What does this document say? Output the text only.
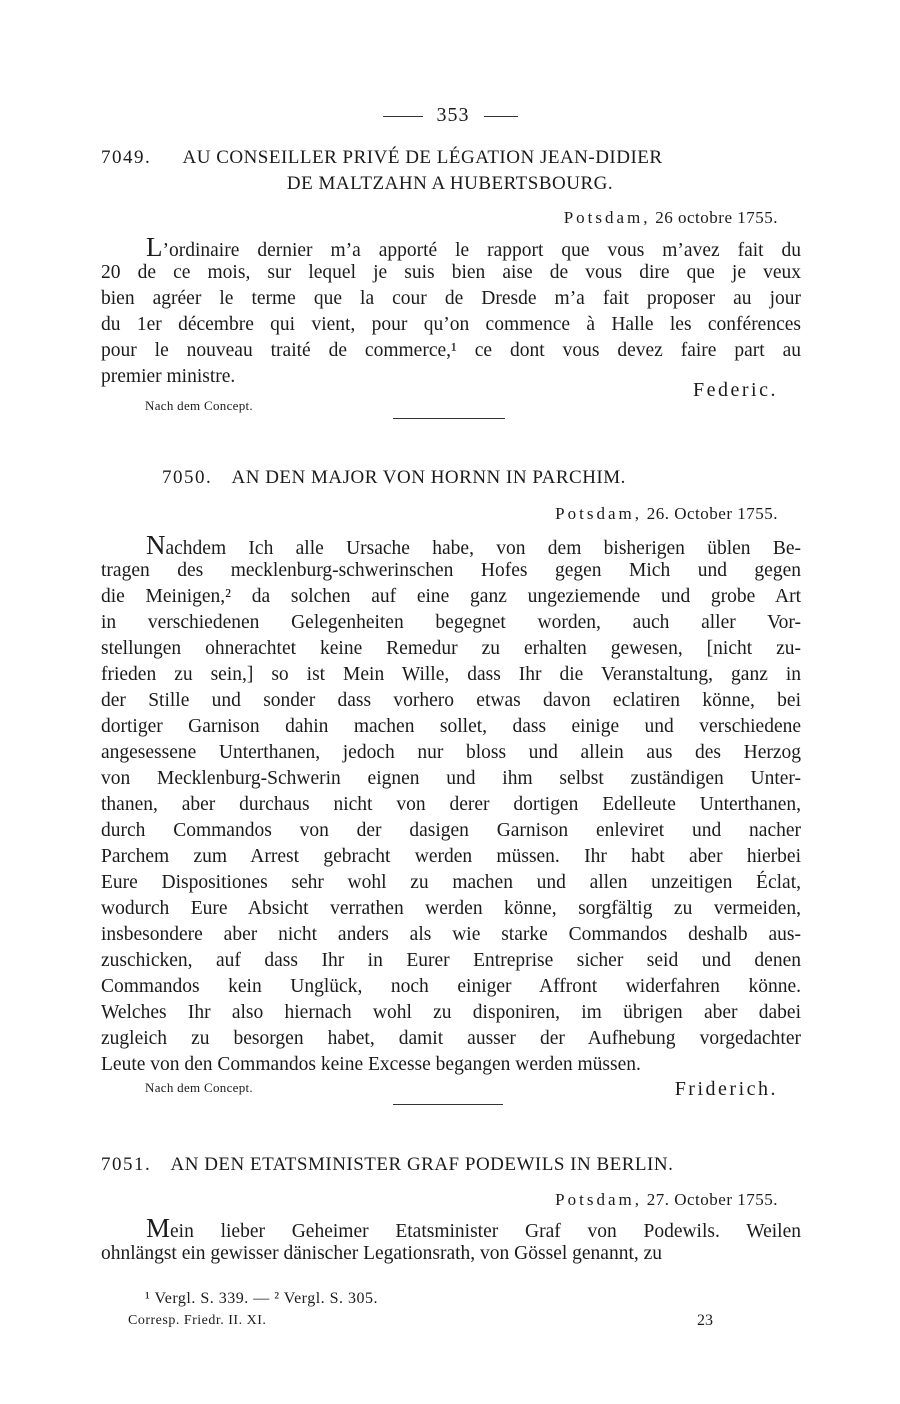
353
7049. AU CONSEILLER PRIVÉ DE LÉGATION JEAN-DIDIER
DE MALTZAHN A HUBERTSBOURG.
Potsdam, 26 octobre 1755.
L’ordinaire dernier m’a apporté le rapport que vous m’avez fait du
20 de ce mois, sur lequel je suis bien aise de vous dire que je veux
bien agréer le terme que la cour de Dresde m’a fait proposer au jour
du 1er décembre qui vient, pour qu’on commence à Halle les conférences
pour le nouveau traité de commerce,¹ ce dont vous devez faire part au
premier ministre.
Nach dem Concept.
Federic.
7050. AN DEN MAJOR VON HORNN IN PARCHIM.
Potsdam, 26. October 1755.
Nachdem Ich alle Ursache habe, von dem bisherigen üblen Be-
tragen des mecklenburg-schwerinschen Hofes gegen Mich und gegen
die Meinigen,² da solchen auf eine ganz ungeziemende und grobe Art
in verschiedenen Gelegenheiten begegnet worden, auch aller Vor-
stellungen ohnerachtet keine Remedur zu erhalten gewesen, [nicht zu-
frieden zu sein,] so ist Mein Wille, dass Ihr die Veranstaltung, ganz in
der Stille und sonder dass vorhero etwas davon eclatiren könne, bei
dortiger Garnison dahin machen sollet, dass einige und verschiedene
angesessene Unterthanen, jedoch nur bloss und allein aus des Herzog
von Mecklenburg-Schwerin eignen und ihm selbst zuständigen Unter-
thanen, aber durchaus nicht von derer dortigen Edelleute Unterthanen,
durch Commandos von der dasigen Garnison enleviret und nacher
Parchem zum Arrest gebracht werden müssen. Ihr habt aber hierbei
Eure Dispositiones sehr wohl zu machen und allen unzeitigen Éclat,
wodurch Eure Absicht verrathen werden könne, sorgfältig zu vermeiden,
insbesondere aber nicht anders als wie starke Commandos deshalb aus-
zuschicken, auf dass Ihr in Eurer Entreprise sicher seid und denen
Commandos kein Unglück, noch einiger Affront widerfahren könne.
Welches Ihr also hiernach wohl zu disponiren, im übrigen aber dabei
zugleich zu besorgen habet, damit ausser der Aufhebung vorgedachter
Leute von den Commandos keine Excesse begangen werden müssen.
Nach dem Concept.	Friderich.
7051. AN DEN ETATSMINISTER GRAF PODEWILS IN BERLIN.
Potsdam, 27. October 1755.
Mein lieber Geheimer Etatsminister Graf von Podewils. Weilen
ohnlängst ein gewisser dänischer Legationsrath, von Gössel genannt, zu
¹ Vergl. S. 339. — ² Vergl. S. 305.
Corresp. Friedr. II. XI.	23
